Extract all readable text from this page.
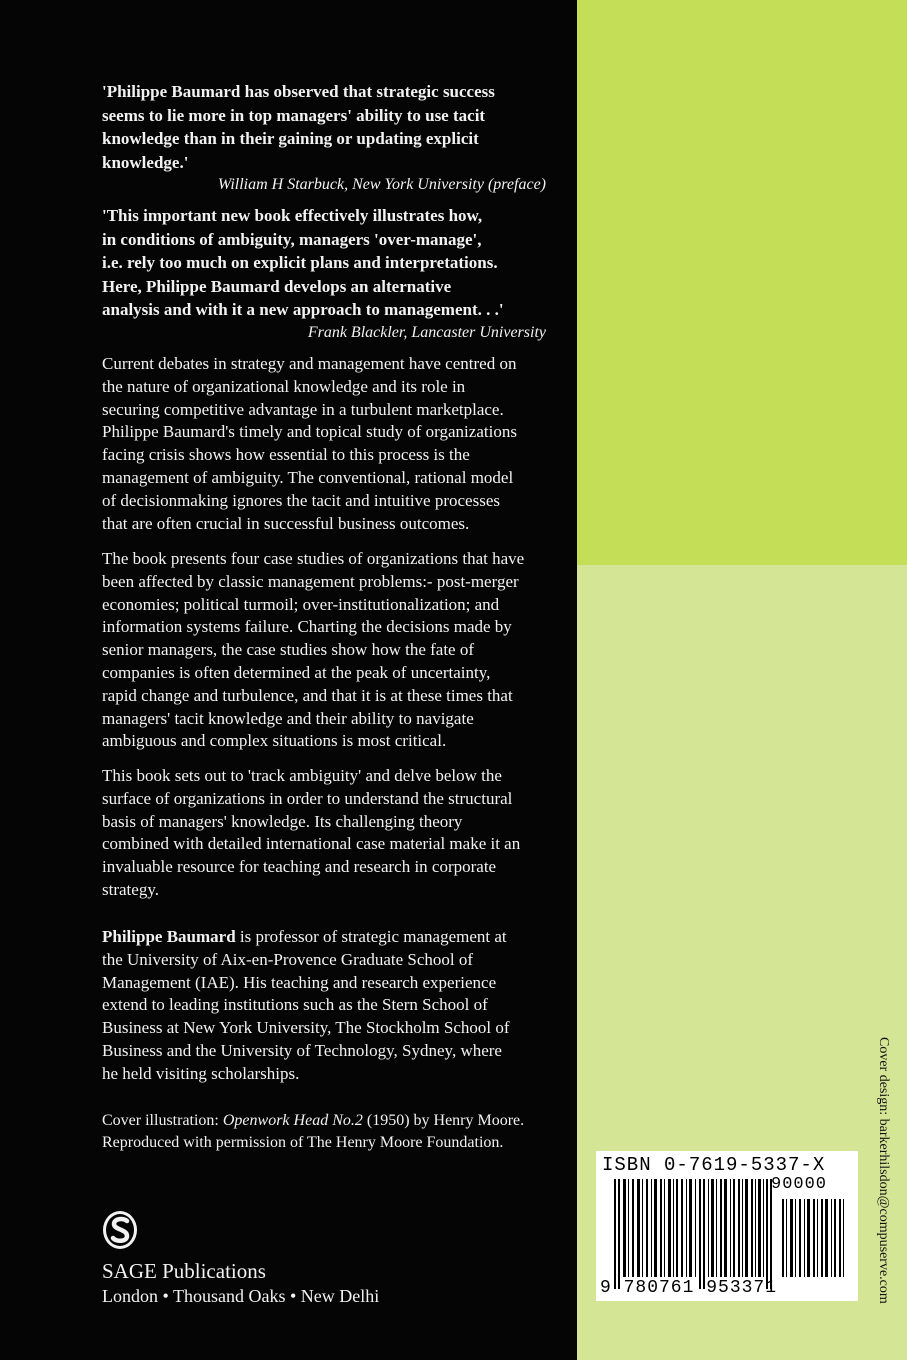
'Philippe Baumard has observed that strategic success
seems to lie more in top managers' ability to use tacit
knowledge than in their gaining or updating explicit
knowledge.'

William H Starbuck, New York University (preface)

'This important new book effectively illustrates how,
in conditions of ambiguity, managers 'over-manage',
i.e. rely too much on explicit plans and interpretations.
Here, Philippe Baumard develops an alternative
analysis and with it a new approach to management. . .'

Frank Blackler, Lancaster University

Current debates in strategy and management have centred on
the nature of organizational knowledge and its role in
securing competitive advantage in a turbulent marketplace.
Philippe Baumard's timely and topical study of organizations
facing crisis shows how essential to this process is the
management of ambiguity. The conventional, rational model
of decisionmaking ignores the tacit and intuitive processes
that are often crucial in successful business outcomes.

The book presents four case studies of organizations that have
been affected by classic management problems:- post-merger
economies; political turmoil; over-institutionalization; and
information systems failure. Charting the decisions made by
senior managers, the case studies show how the fate of
companies is often determined at the peak of uncertainty,
rapid change and turbulence, and that it is at these times that
managers' tacit knowledge and their ability to navigate
ambiguous and complex situations is most critical.

This book sets out to 'track ambiguity' and delve below the
surface of organizations in order to understand the structural
basis of managers' knowledge. Its challenging theory
combined with detailed international case material make it an
invaluable resource for teaching and research in corporate
strategy.

Philippe Baumard is professor of strategic management at
the University of Aix-en-Provence Graduate School of
Management (IAE). His teaching and research experience
extend to leading institutions such as the Stern School of
Business at New York University, The Stockholm School of
Business and the University of Technology, Sydney, where
he held visiting scholarships.

Cover illustration: Openwork Head No.2 (1950) by Henry Moore.

Reproduced with permission of The Henry Moore Foundation.

SAGE Publications

London • Thousand Oaks • New Delhi	Cover design: barkerhilsdon@compuserve.com
ISBN 0-7619-5337-X
90000
9 780761 953371
